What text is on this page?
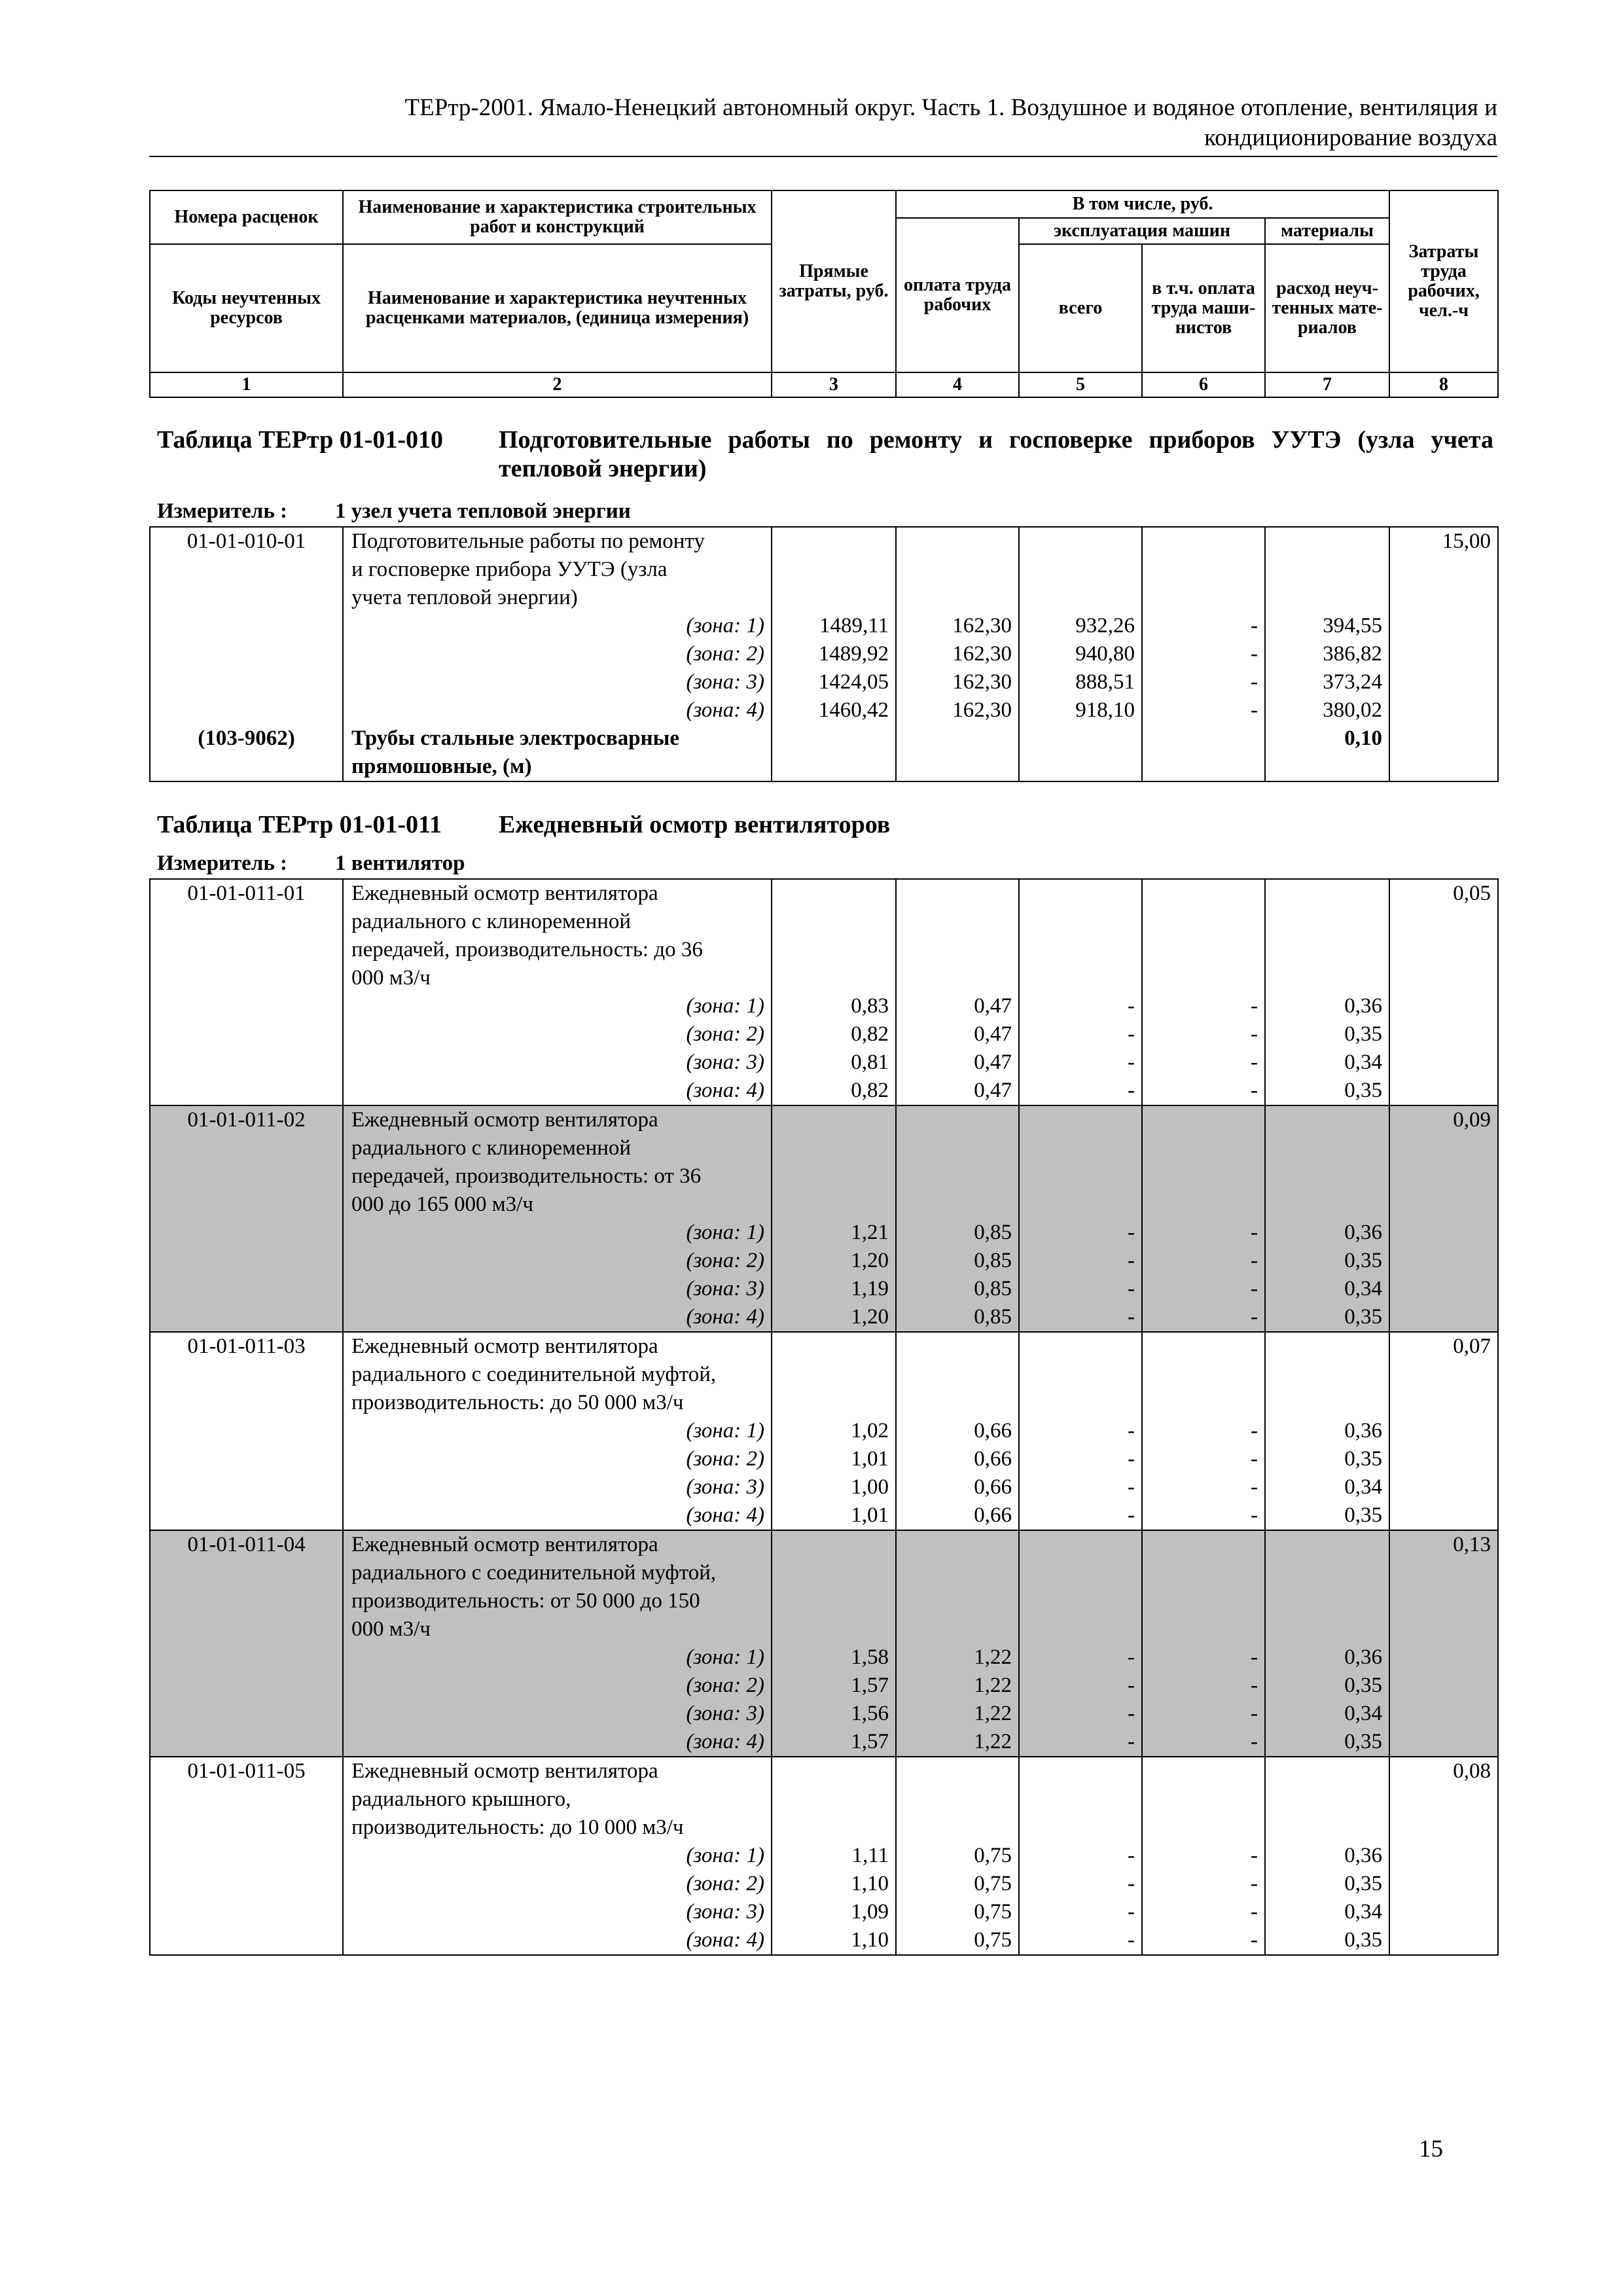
ТЕРтр-2001. Ямало-Ненецкий автономный округ. Часть 1. Воздушное и водяное отопление, вентиляция и
кондиционирование воздуха
Номера расценок	Наименование и характеристика строительных работ и конструкций	Прямые затраты, руб.	В том числе, руб.				Затраты труда рабочих, чел.-ч
			оплата труда рабочих	эксплуатация машин		материалы	
Коды неучтенных ресурсов	Наименование и характеристика неучтенных расценками материалов, (единица измерения)			всего	в т.ч. оплата труда маши-нистов	расход неуч-тенных мате-риалов	

1	2	3	4	5	6	7	8
Таблица ТЕРтр 01-01-010 Подготовительные работы по ремонту и госповерке приборов УУТЭ (узла учета тепловой энергии)
Измеритель : 1 узел учета тепловой энергии
01-01-010-01	Подготовительные работы по ремонту						15,00
	и госповерке прибора УУТЭ (узла						
	учета тепловой энергии)						
	(зона: 1)	1489,11	162,30	932,26	-	394,55	
	(зона: 2)	1489,92	162,30	940,80	-	386,82	
	(зона: 3)	1424,05	162,30	888,51	-	373,24	
	(зона: 4)	1460,42	162,30	918,10	-	380,02	
(103-9062)	Трубы стальные электросварные					0,10	
	прямошовные, (м)						
Таблица ТЕРтр 01-01-011 Ежедневный осмотр вентиляторов
Измеритель : 1 вентилятор
01-01-011-01	Ежедневный осмотр вентилятора						0,05
	радиального с клиноременной						
	передачей, производительность: до 36						
	000 м3/ч						
	(зона: 1)	0,83	0,47	-	-	0,36	
	(зона: 2)	0,82	0,47	-	-	0,35	
	(зона: 3)	0,81	0,47	-	-	0,34	
	(зона: 4)	0,82	0,47	-	-	0,35	
01-01-011-02	Ежедневный осмотр вентилятора						0,09
	радиального с клиноременной						
	передачей, производительность: от 36						
	000 до 165 000 м3/ч						
	(зона: 1)	1,21	0,85	-	-	0,36	
	(зона: 2)	1,20	0,85	-	-	0,35	
	(зона: 3)	1,19	0,85	-	-	0,34	
	(зона: 4)	1,20	0,85	-	-	0,35	
01-01-011-03	Ежедневный осмотр вентилятора						0,07
	радиального с соединительной муфтой,						
	производительность: до 50 000 м3/ч						
	(зона: 1)	1,02	0,66	-	-	0,36	
	(зона: 2)	1,01	0,66	-	-	0,35	
	(зона: 3)	1,00	0,66	-	-	0,34	
	(зона: 4)	1,01	0,66	-	-	0,35	
01-01-011-04	Ежедневный осмотр вентилятора						0,13
	радиального с соединительной муфтой,						
	производительность: от 50 000 до 150						
	000 м3/ч						
	(зона: 1)	1,58	1,22	-	-	0,36	
	(зона: 2)	1,57	1,22	-	-	0,35	
	(зона: 3)	1,56	1,22	-	-	0,34	
	(зона: 4)	1,57	1,22	-	-	0,35	
01-01-011-05	Ежедневный осмотр вентилятора						0,08
	радиального крышного,						
	производительность: до 10 000 м3/ч						
	(зона: 1)	1,11	0,75	-	-	0,36	
	(зона: 2)	1,10	0,75	-	-	0,35	
	(зона: 3)	1,09	0,75	-	-	0,34	
	(зона: 4)	1,10	0,75	-	-	0,35	
15
